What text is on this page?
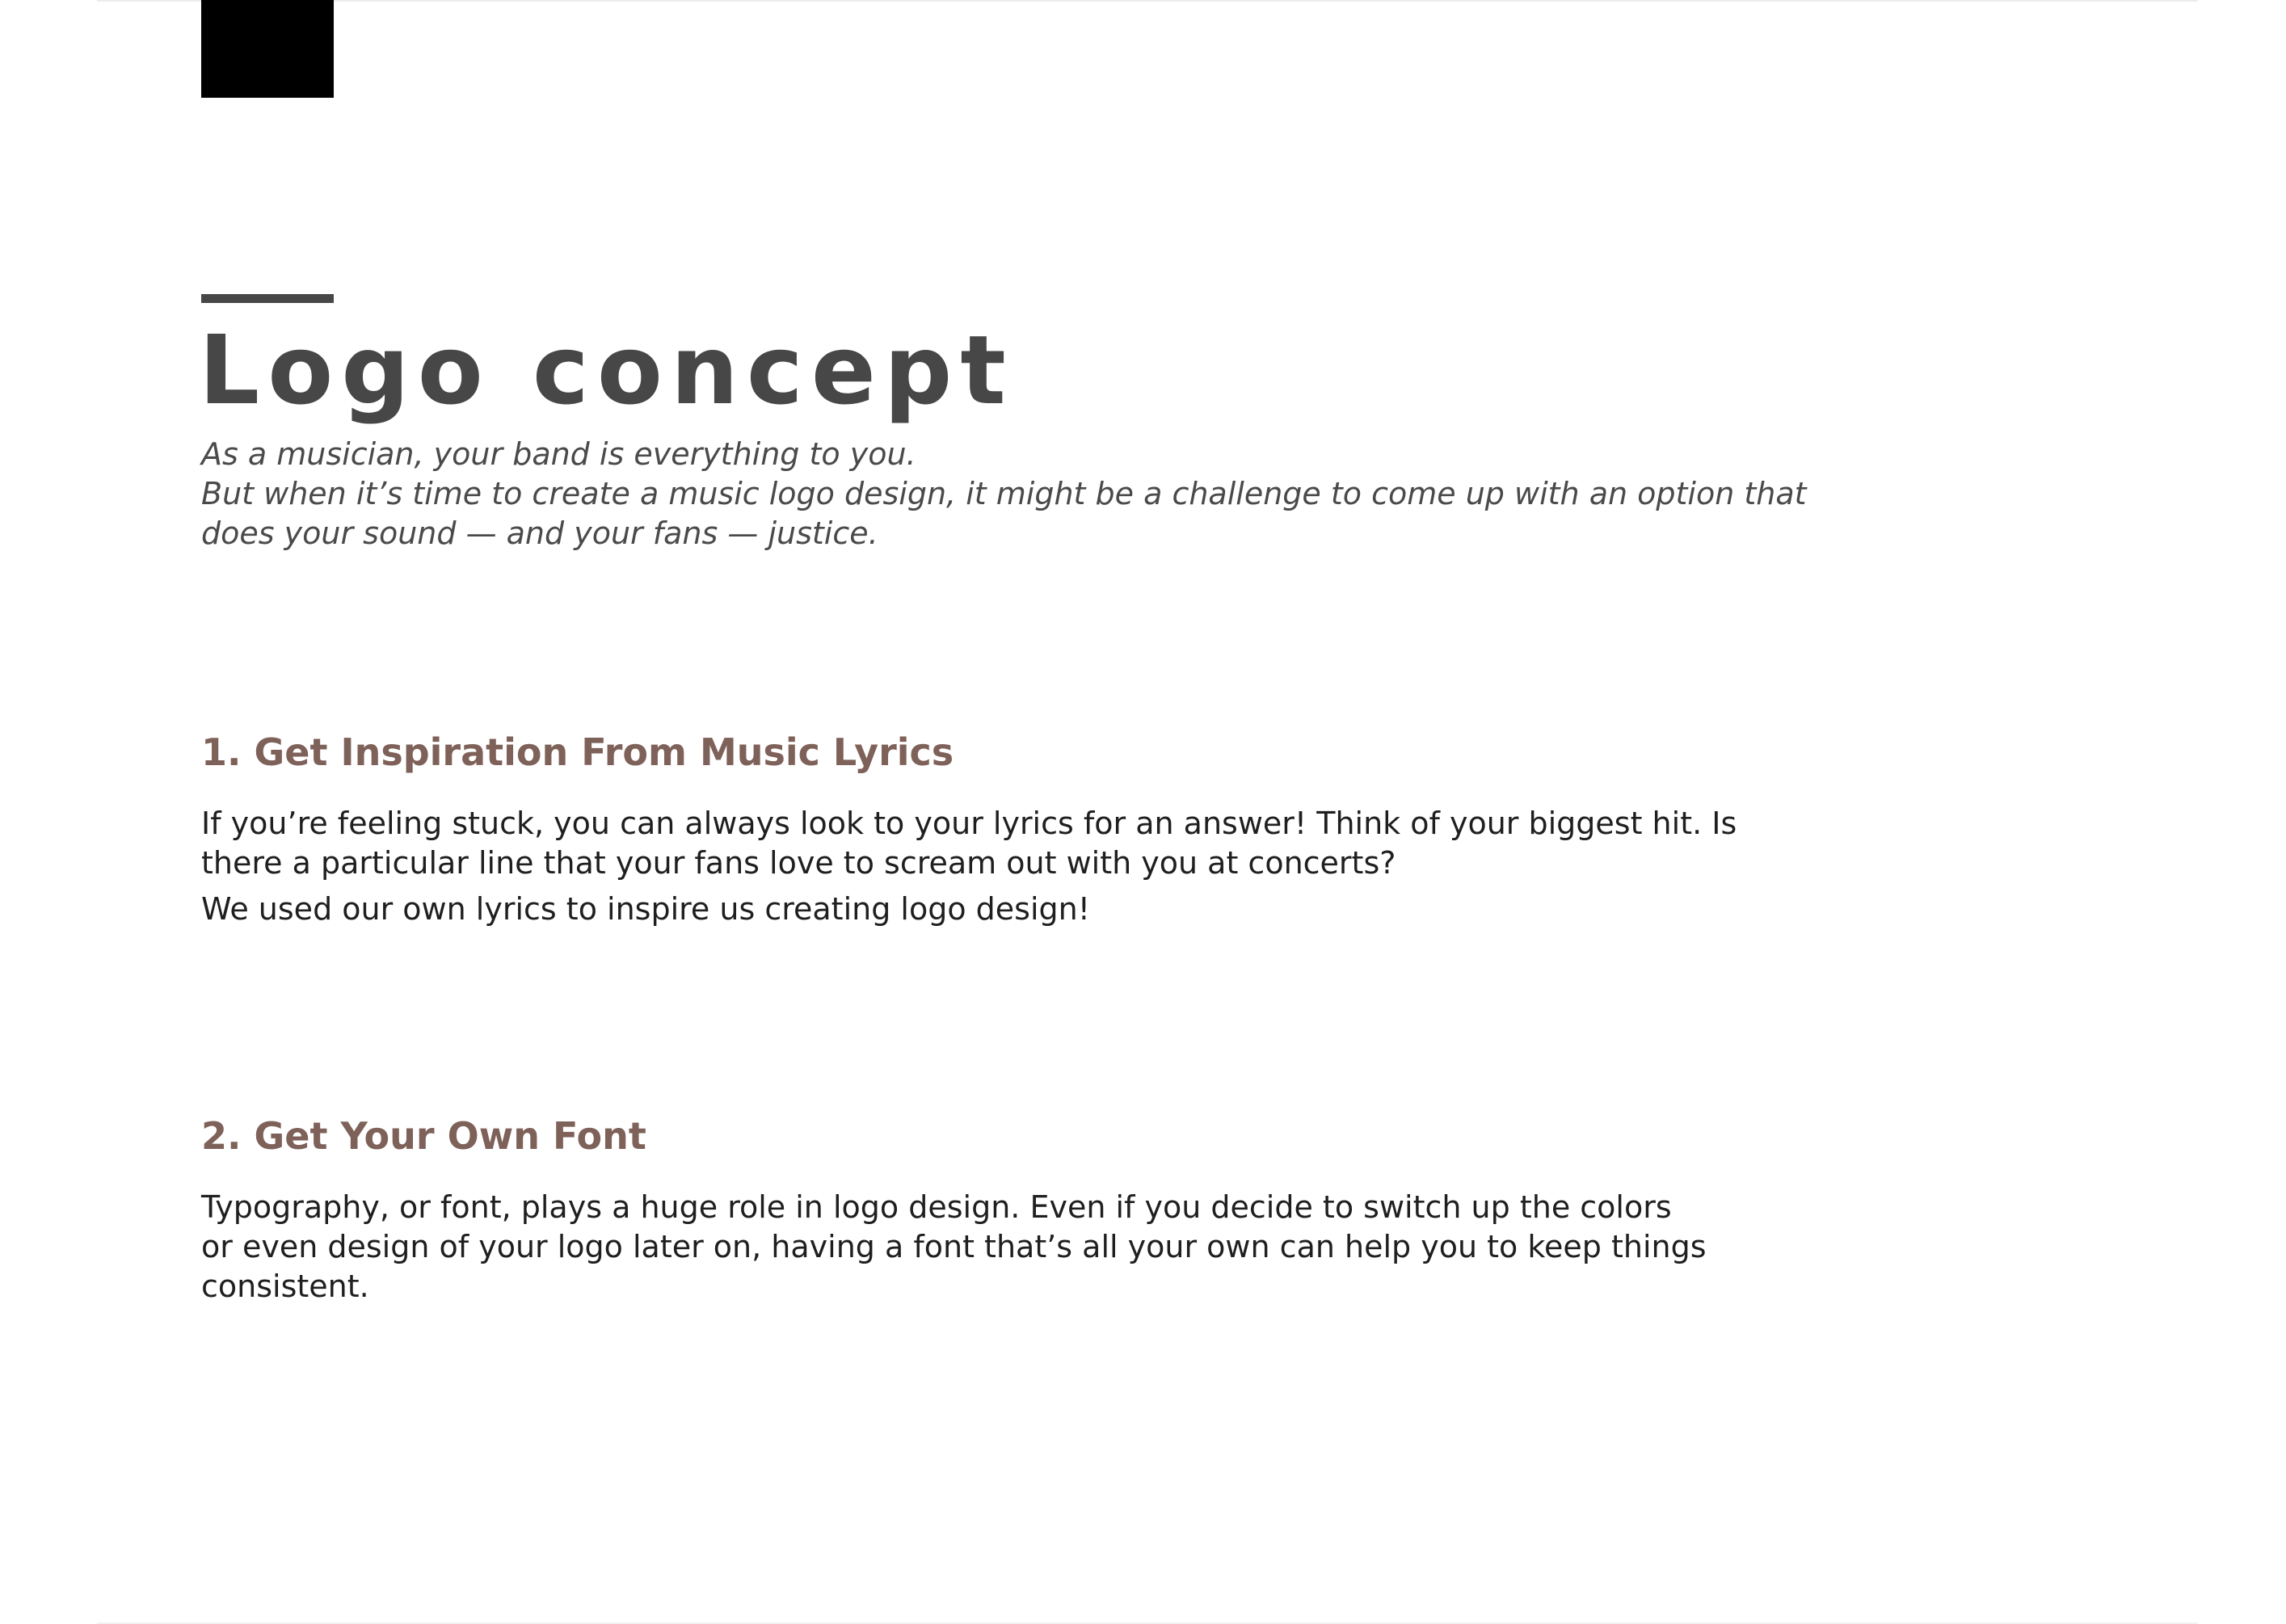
Logo concept

As a musician, your band is everything to you.
But when it’s time to create a music logo design, it might be a challenge to come up with an option that
does your sound — and your fans — justice.

1. Get Inspiration From Music Lyrics

If you’re feeling stuck, you can always look to your lyrics for an answer! Think of your biggest hit. Is
there a particular line that your fans love to scream out with you at concerts?
We used our own lyrics to inspire us creating logo design!

2. Get Your Own Font

Typography, or font, plays a huge role in logo design. Even if you decide to switch up the colors
or even design of your logo later on, having a font that’s all your own can help you to keep things
consistent.
